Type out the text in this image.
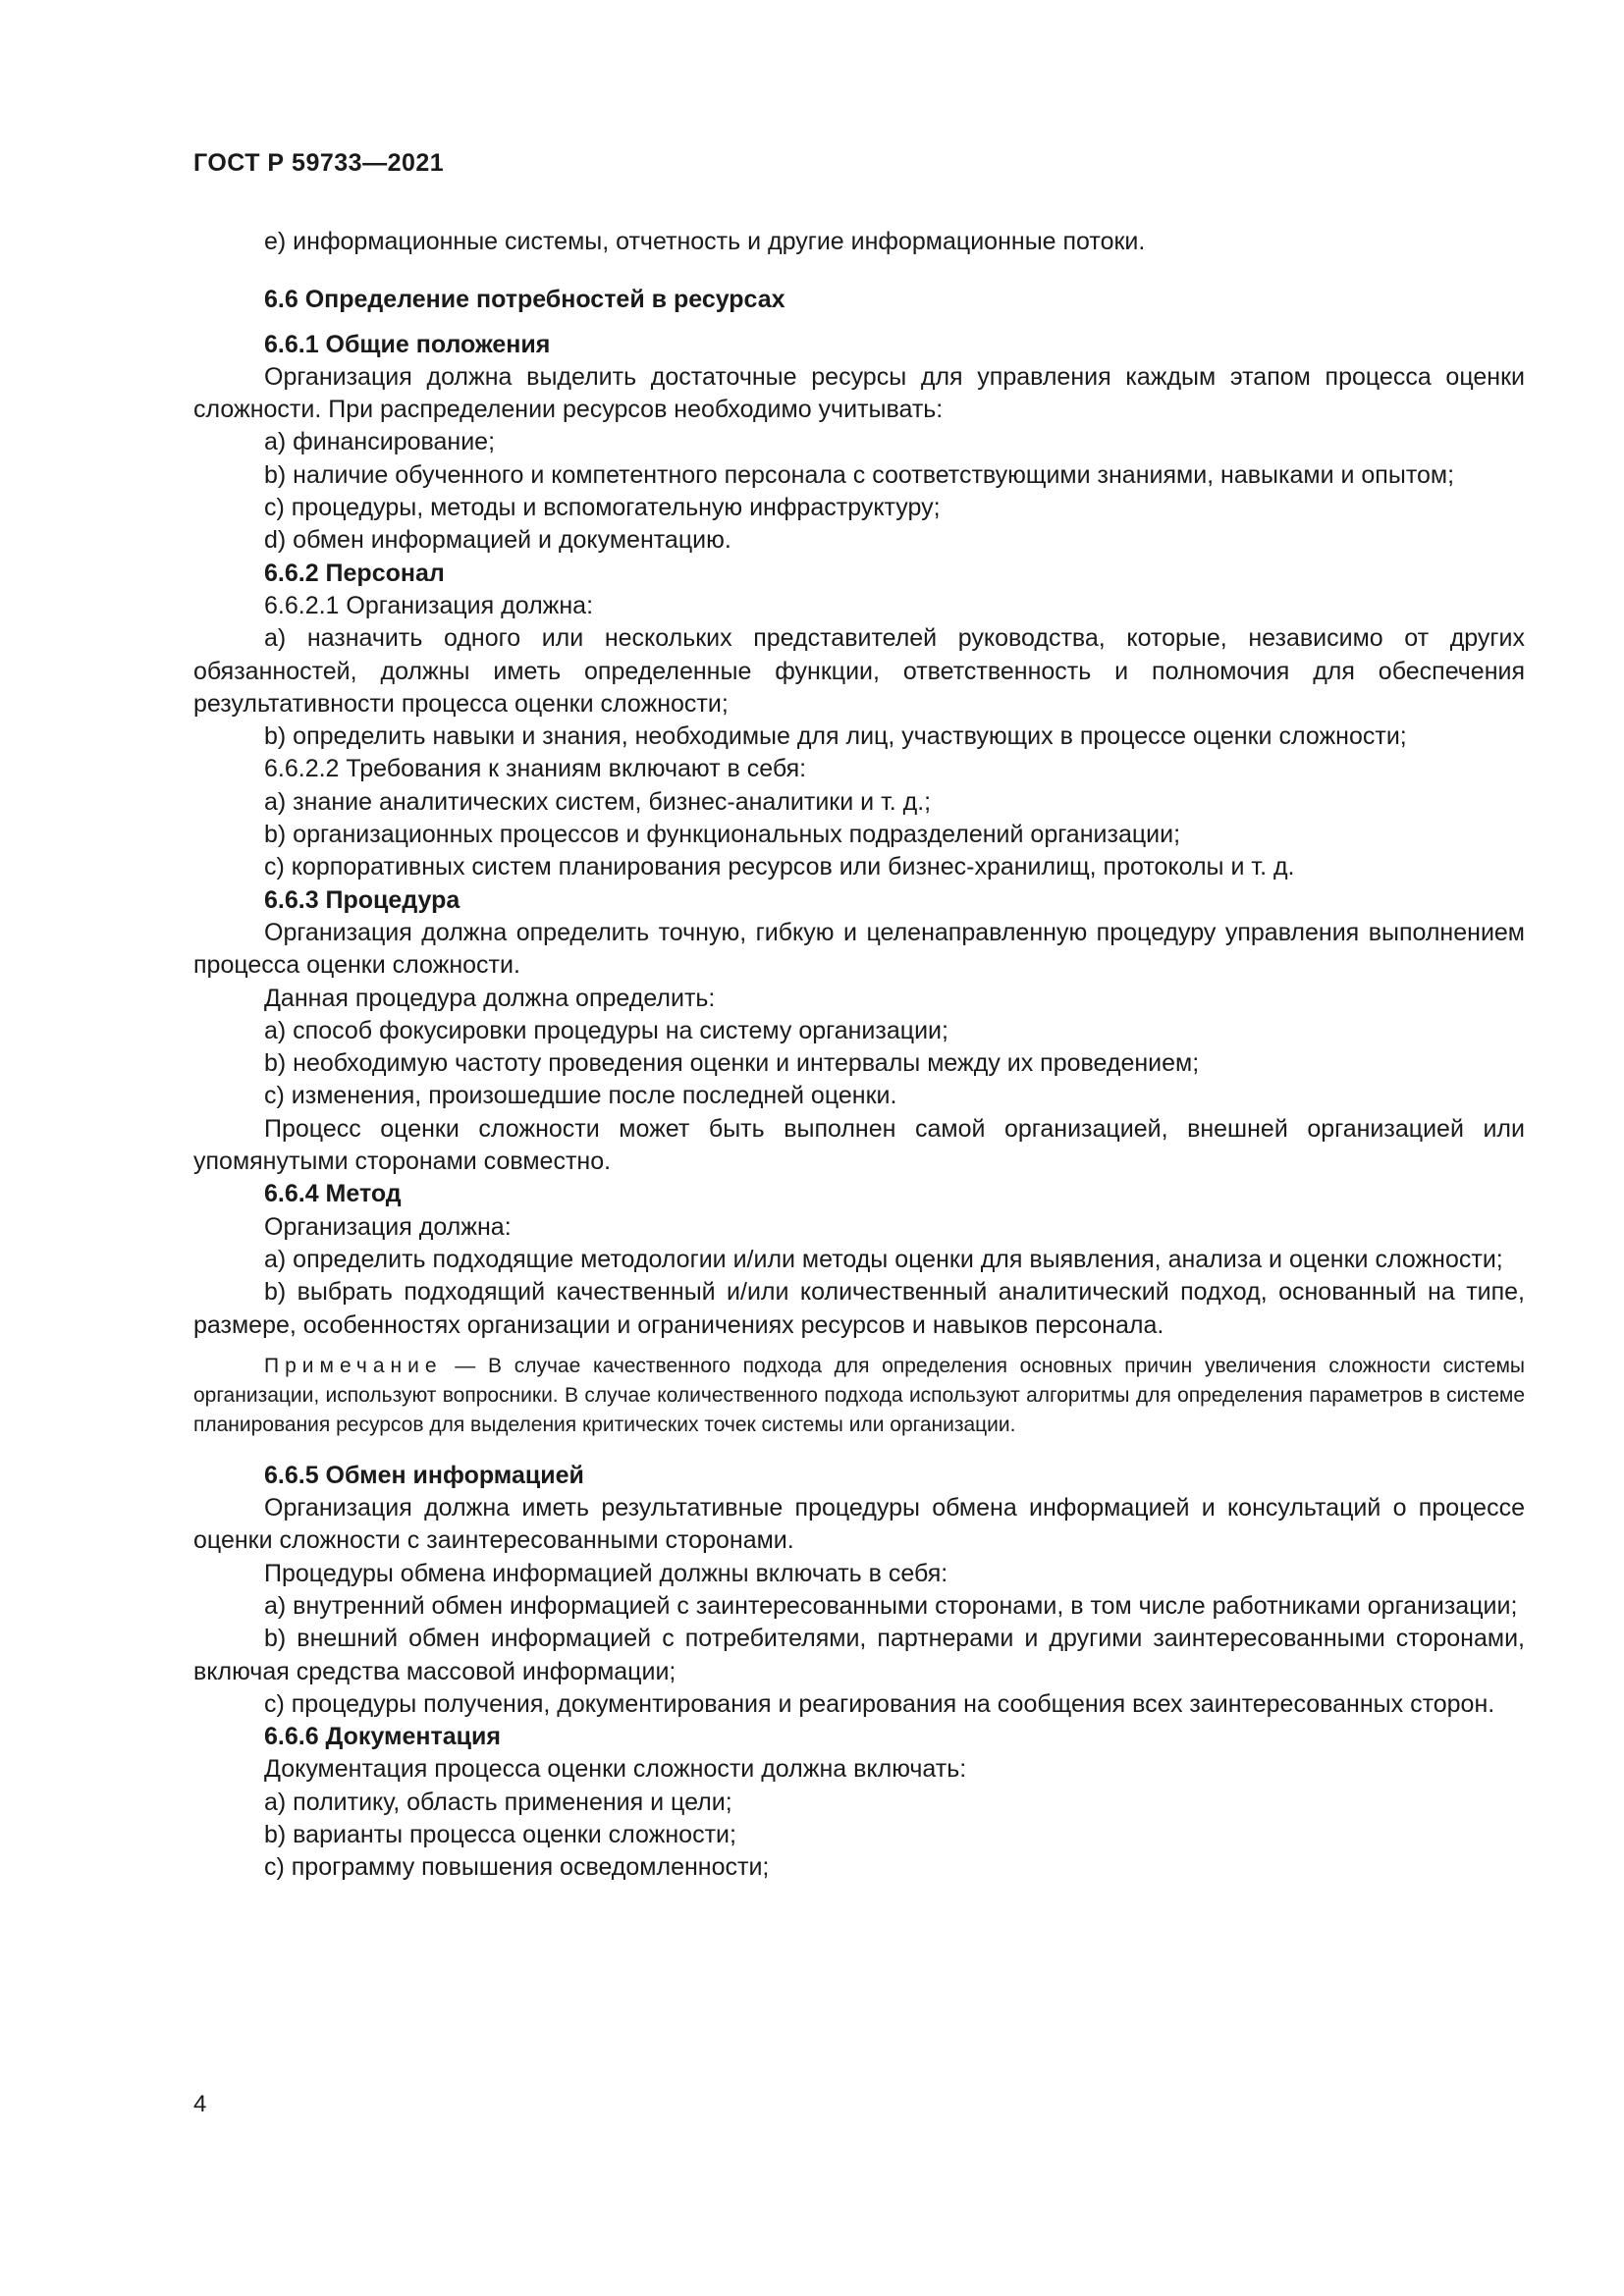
ГОСТ Р 59733—2021

е) информационные системы, отчетность и другие информационные потоки.

6.6 Определение потребностей в ресурсах

6.6.1 Общие положения

Организация должна выделить достаточные ресурсы для управления каждым этапом процесса оценки сложности. При распределении ресурсов необходимо учитывать:

a) финансирование;

b) наличие обученного и компетентного персонала с соответствующими знаниями, навыками и опытом;

c) процедуры, методы и вспомогательную инфраструктуру;

d) обмен информацией и документацию.

6.6.2 Персонал

6.6.2.1 Организация должна:

a) назначить одного или нескольких представителей руководства, которые, независимо от других обязанностей, должны иметь определенные функции, ответственность и полномочия для обеспечения результативности процесса оценки сложности;

b) определить навыки и знания, необходимые для лиц, участвующих в процессе оценки сложности;

6.6.2.2 Требования к знаниям включают в себя:

a) знание аналитических систем, бизнес-аналитики и т. д.;

b) организационных процессов и функциональных подразделений организации;

c) корпоративных систем планирования ресурсов или бизнес-хранилищ, протоколы и т. д.

6.6.3 Процедура

Организация должна определить точную, гибкую и целенаправленную процедуру управления выполнением процесса оценки сложности.

Данная процедура должна определить:

a) способ фокусировки процедуры на систему организации;

b) необходимую частоту проведения оценки и интервалы между их проведением;

c) изменения, произошедшие после последней оценки.

Процесс оценки сложности может быть выполнен самой организацией, внешней организацией или упомянутыми сторонами совместно.

6.6.4 Метод

Организация должна:

a) определить подходящие методологии и/или методы оценки для выявления, анализа и оценки сложности;

b) выбрать подходящий качественный и/или количественный аналитический подход, основанный на типе, размере, особенностях организации и ограничениях ресурсов и навыков персонала.

Примечание — В случае качественного подхода для определения основных причин увеличения сложности системы организации, используют вопросники. В случае количественного подхода используют алгоритмы для определения параметров в системе планирования ресурсов для выделения критических точек системы или организации.

6.6.5 Обмен информацией

Организация должна иметь результативные процедуры обмена информацией и консультаций о процессе оценки сложности с заинтересованными сторонами.

Процедуры обмена информацией должны включать в себя:

a) внутренний обмен информацией с заинтересованными сторонами, в том числе работниками организации;

b) внешний обмен информацией с потребителями, партнерами и другими заинтересованными сторонами, включая средства массовой информации;

c) процедуры получения, документирования и реагирования на сообщения всех заинтересованных сторон.

6.6.6 Документация

Документация процесса оценки сложности должна включать:

a) политику, область применения и цели;

b) варианты процесса оценки сложности;

c) программу повышения осведомленности;

4
